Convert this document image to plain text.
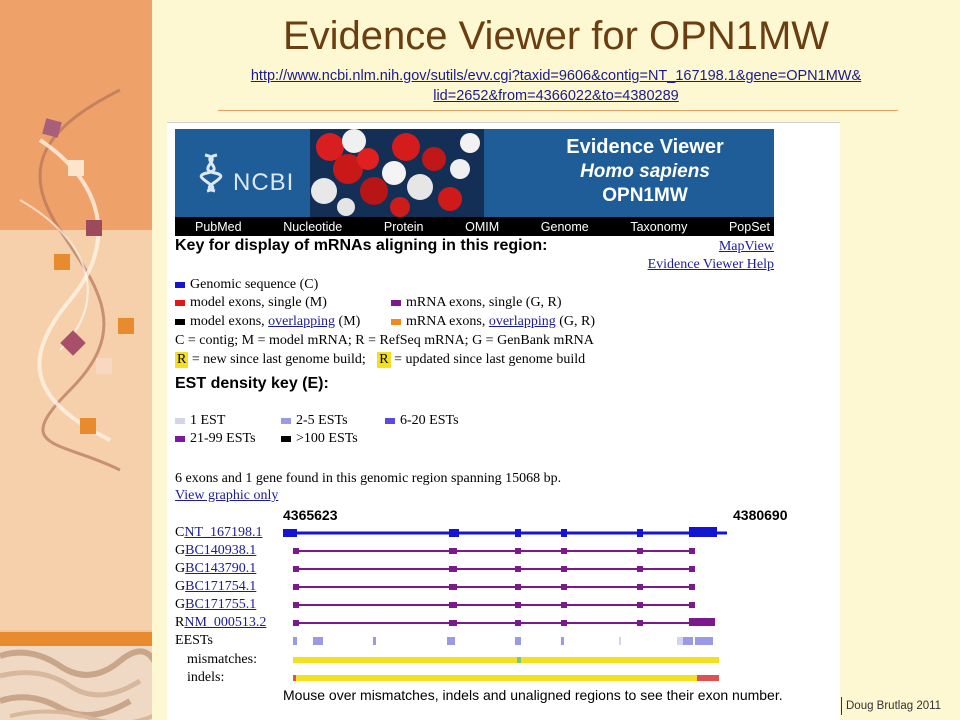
Evidence Viewer for OPN1MW
http://www.ncbi.nlm.nih.gov/sutils/evv.cgi?taxid=9606&contig=NT_167198.1&gene=OPN1MW&
lid=2652&from=4366022&to=4380289
NCBI
Evidence Viewer
Homo sapiens
OPN1MW
PubMed	Nucleotide	Protein	OMIM	Genome	Taxonomy	PopSet
Key for display of mRNAs aligning in this region:	MapView
Evidence Viewer Help
Genomic sequence (C)
model exons, single (M)	mRNA exons, single (G, R)
model exons, overlapping (M)	mRNA exons, overlapping (G, R)
C = contig; M = model mRNA; R = RefSeq mRNA; G = GenBank mRNA
R = new since last genome build; R = updated since last genome build
EST density key (E):
1 EST	2-5 ESTs	6-20 ESTs
21-99 ESTs	>100 ESTs
6 exons and 1 gene found in this genomic region spanning 15068 bp.
View graphic only
4365623	4380690
CNT_167198.1
GBC140938.1
GBC143790.1
GBC171754.1
GBC171755.1
RNM_000513.2
EESTs
mismatches:
indels:
Mouse over mismatches, indels and unaligned regions to see their exon number.
Doug Brutlag 2011
